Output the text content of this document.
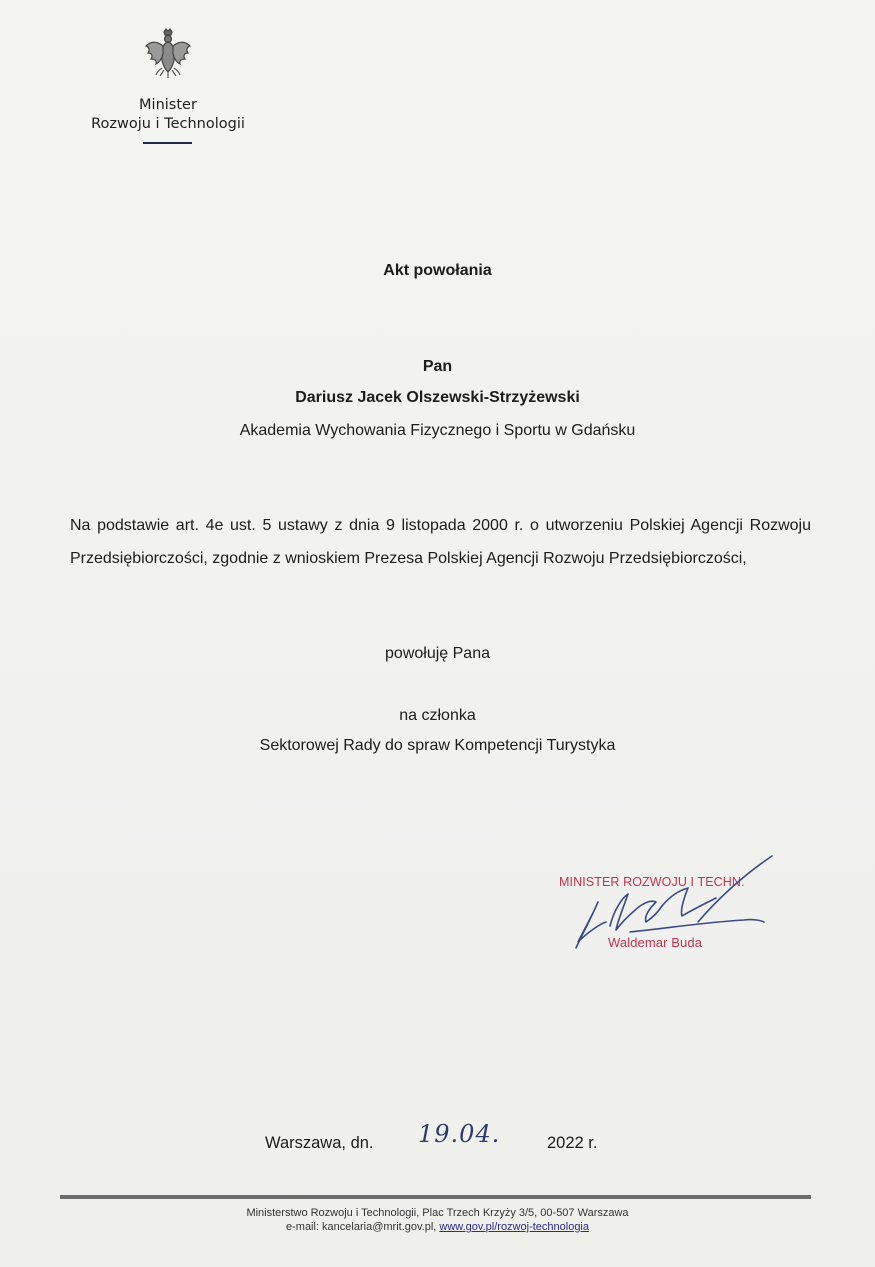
Minister
Rozwoju i Technologii
Akt powołania
Pan
Dariusz Jacek Olszewski-Strzyżewski
Akademia Wychowania Fizycznego i Sportu w Gdańsku
Na podstawie art. 4e ust. 5 ustawy z dnia 9 listopada 2000 r. o utworzeniu Polskiej Agencji Rozwoju Przedsiębiorczości, zgodnie z wnioskiem Prezesa Polskiej Agencji Rozwoju Przedsiębiorczości,
powołuję Pana
na członka
Sektorowej Rady do spraw Kompetencji Turystyka
MINISTER ROZWOJU I TECHN.
Waldemar Buda
Warszawa, dn. 19.04.	2022 r.
Ministerstwo Rozwoju i Technologii, Plac Trzech Krzyży 3/5, 00-507 Warszawa
e-mail: kancelaria@mrit.gov.pl, www.gov.pl/rozwoj-technologia
